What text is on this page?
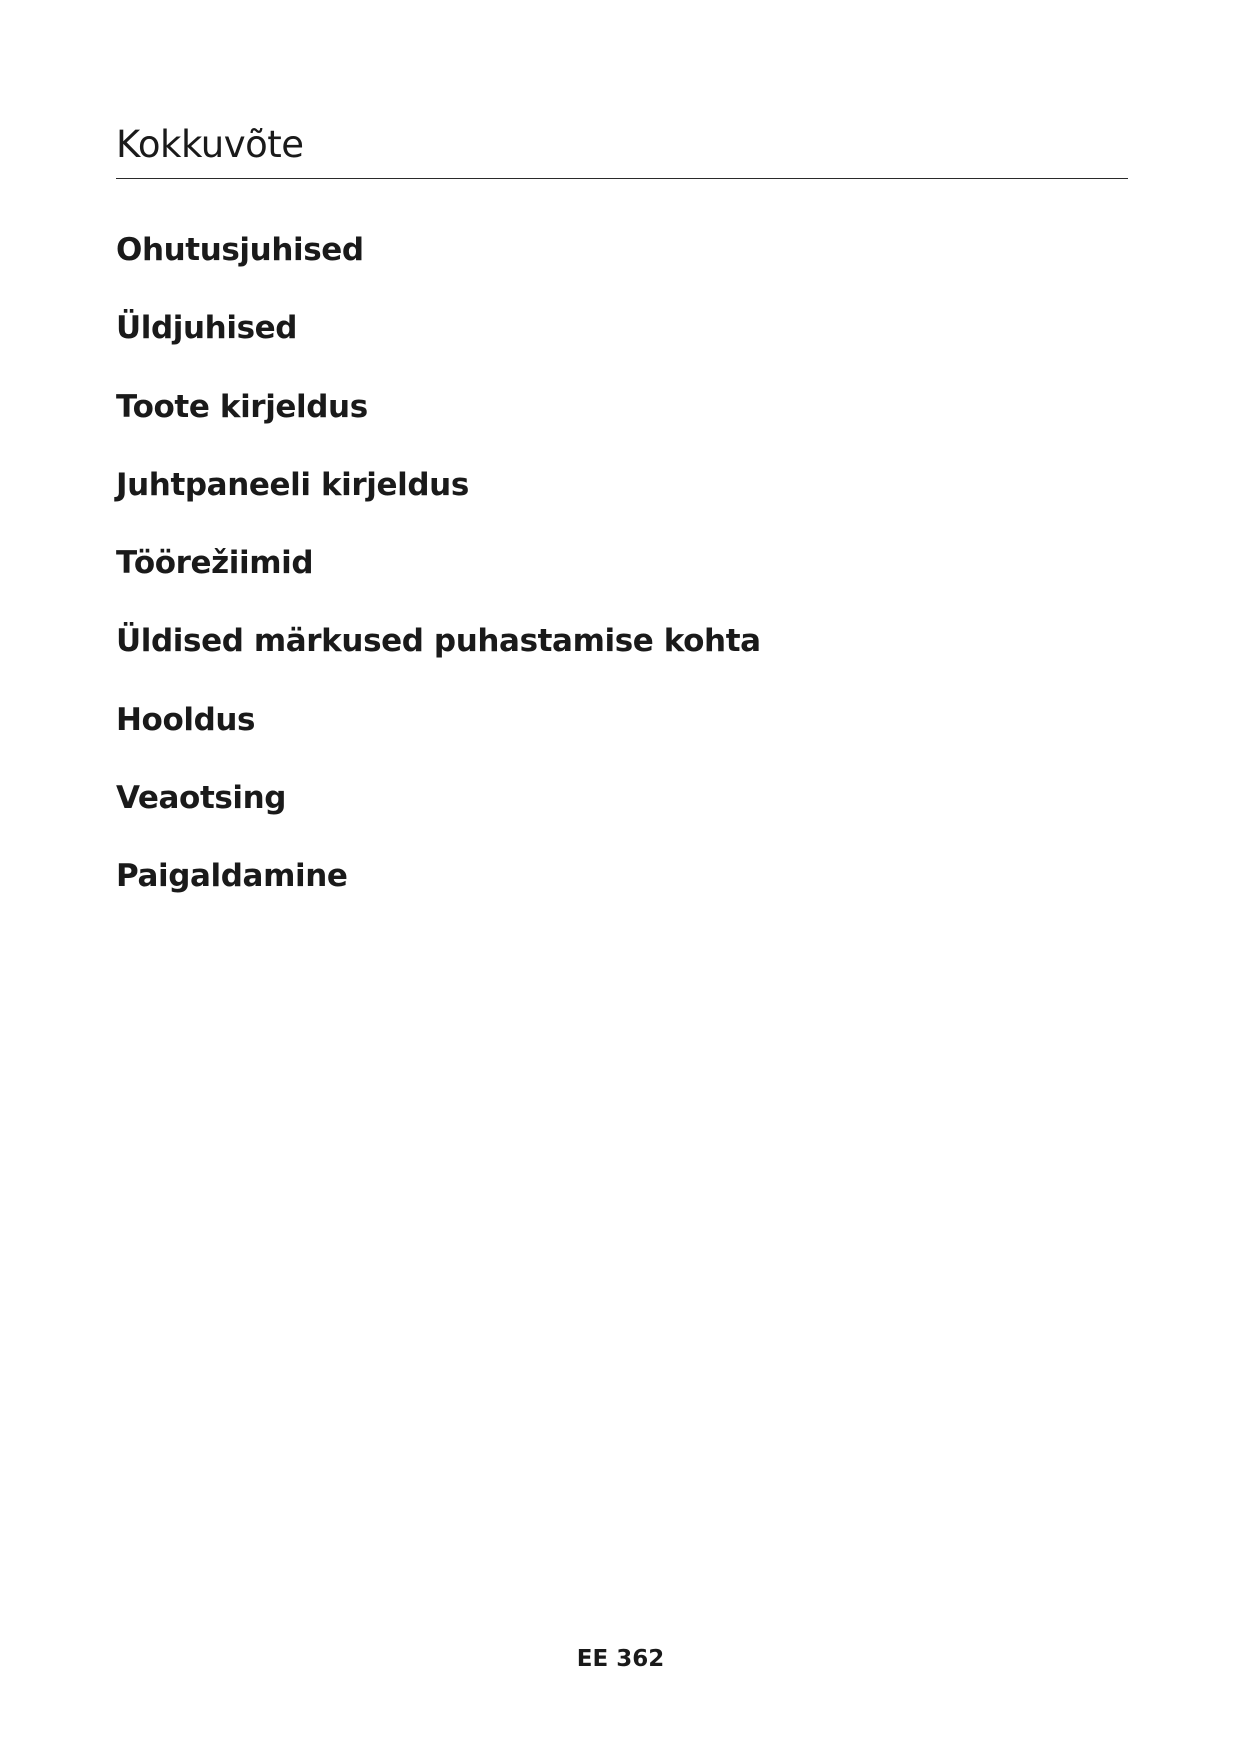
Kokkuvõte
Ohutusjuhised
Üldjuhised
Toote kirjeldus
Juhtpaneeli kirjeldus
Töörežiimid
Üldised märkused puhastamise kohta
Hooldus
Veaotsing
Paigaldamine
EE 362
